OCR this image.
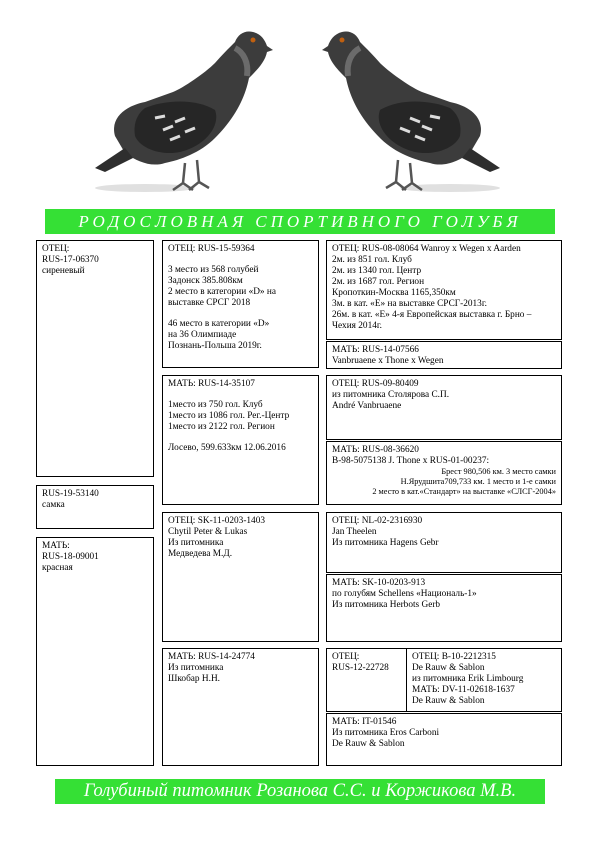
РОДОСЛОВНАЯ СПОРТИВНОГО ГОЛУБЯ

ОТЕЦ:

RUS-17-06370

сиреневый

RUS-19-53140

самка

МАТЬ:

RUS-18-09001

красная

ОТЕЦ: RUS-15-59364

3 место из 568 голубей
Задонск 385.808км
2 место в категории «D» на выставке СРСГ 2018

46 место в категории «D»
на 36 Олимпиаде
Познань-Польша 2019г.

МАТЬ: RUS-14-35107

1место из 750 гол. Клуб
1место из 1086 гол. Рег.-Центр
1место из 2122 гол. Регион

Лосево, 599.633км 12.06.2016

ОТЕЦ: SK-11-0203-1403

Chytil Peter & Lukas
Из питомника
Медведева М.Д.

МАТЬ: RUS-14-24774

Из питомника
Шкобар Н.Н.

ОТЕЦ: RUS-08-08064 Wanroy x Wegen x Aarden

2м. из 851 гол. Клуб
2м. из 1340 гол. Центр
2м. из 1687 гол. Регион
Кропоткин-Москва 1165,350км
3м. в кат. «E» на выставке СРСГ-2013г.
26м. в кат. «E» 4-я Европейская выставка г. Брно – Чехия 2014г.

МАТЬ: RUS-14-07566

Vanbruaene x Thone x Wegen

ОТЕЦ: RUS-09-80409

из питомника Столярова С.П.
André Vanbruaene

МАТЬ: RUS-08-36620

B-98-5075138 J. Thone x RUS-01-00237:

Брест 980,506 км. 3 место самки
Н.Ярудшита709,733 км. 1 место и 1-е самки
2 место в кат.«Стандарт» на выставке «СЛСГ-2004»

ОТЕЦ: NL-02-2316930

Jan Theelen
Из питомника Hagens Gebr

МАТЬ: SK-10-0203-913

по голубям Schellens «Националь-1»
Из питомника Herbots Gerb

ОТЕЦ:

RUS-12-22728

ОТЕЦ: B-10-2212315

De Rauw & Sablon
из питомника Erik Limbourg

МАТЬ: DV-11-02618-1637

De Rauw & Sablon

МАТЬ: IT-01546

Из питомника Eros Carboni
De Rauw & Sablon

Голубиный питомник Розанова С.С. и Коржикова М.В.
